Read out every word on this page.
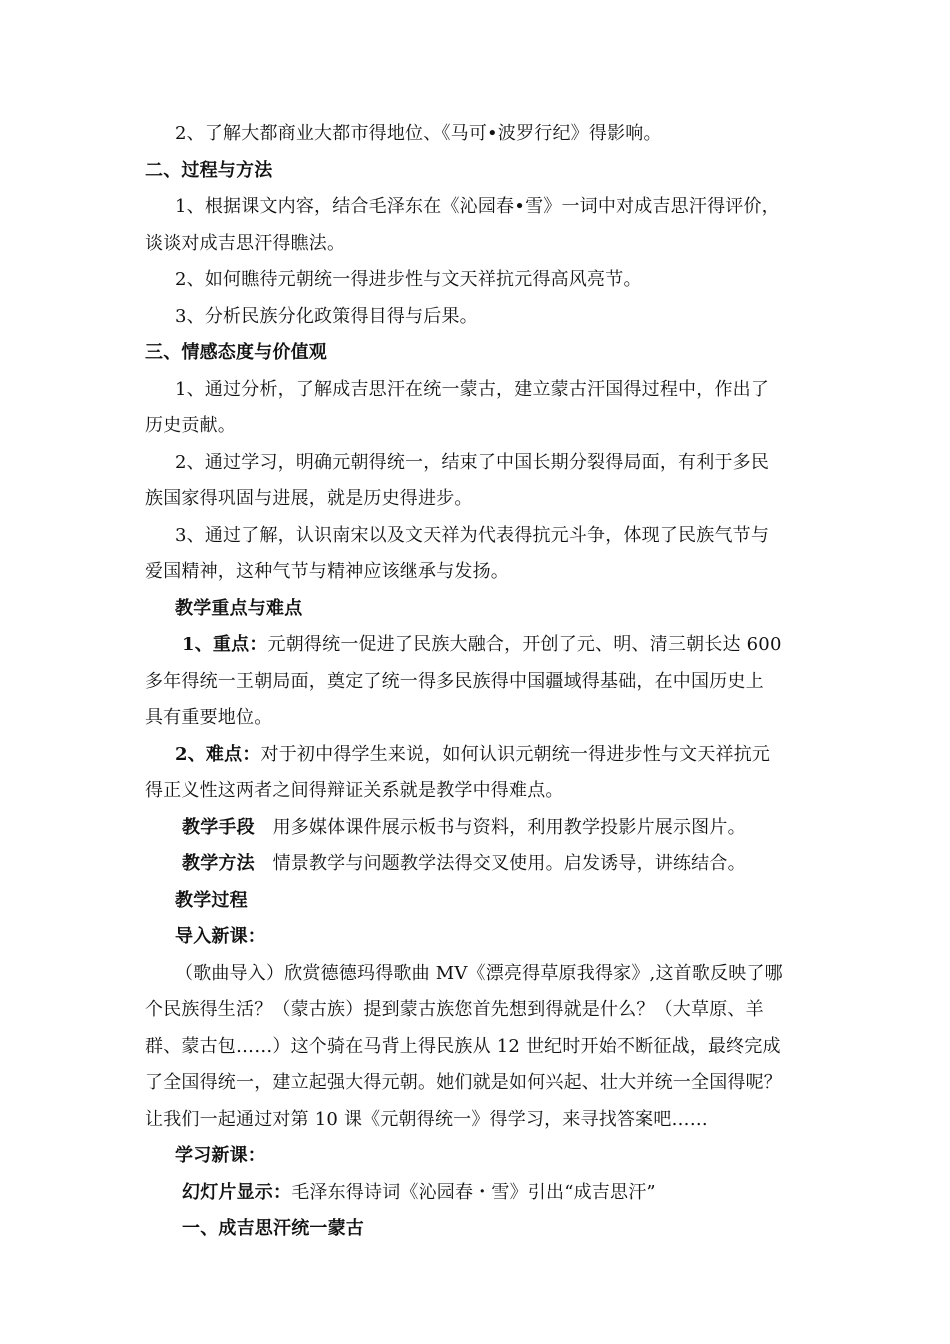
2、了解大都商业大都市得地位、《马可•波罗行纪》得影响。

二、过程与方法

1、根据课文内容，结合毛泽东在《沁园春•雪》一词中对成吉思汗得评价，

谈谈对成吉思汗得瞧法。

2、如何瞧待元朝统一得进步性与文天祥抗元得高风亮节。

3、分析民族分化政策得目得与后果。

三、情感态度与价值观

1、通过分析，了解成吉思汗在统一蒙古，建立蒙古汗国得过程中，作出了

历史贡献。

2、通过学习，明确元朝得统一，结束了中国长期分裂得局面，有利于多民

族国家得巩固与进展，就是历史得进步。

3、通过了解，认识南宋以及文天祥为代表得抗元斗争，体现了民族气节与

爱国精神，这种气节与精神应该继承与发扬。

教学重点与难点

1、重点：元朝得统一促进了民族大融合，开创了元、明、清三朝长达 600

多年得统一王朝局面，奠定了统一得多民族得中国疆域得基础，在中国历史上

具有重要地位。

2、难点：对于初中得学生来说，如何认识元朝统一得进步性与文天祥抗元

得正义性这两者之间得辩证关系就是教学中得难点。

教学手段 用多媒体课件展示板书与资料，利用教学投影片展示图片。

教学方法 情景教学与问题教学法得交叉使用。启发诱导，讲练结合。

教学过程

导入新课：

（歌曲导入）欣赏德德玛得歌曲 MV《漂亮得草原我得家》,这首歌反映了哪

个民族得生活？（蒙古族）提到蒙古族您首先想到得就是什么？（大草原、羊

群、蒙古包……）这个骑在马背上得民族从 12 世纪时开始不断征战，最终完成

了全国得统一，建立起强大得元朝。她们就是如何兴起、壮大并统一全国得呢？

让我们一起通过对第 10 课《元朝得统一》得学习，来寻找答案吧……

学习新课：

幻灯片显示：毛泽东得诗词《沁园春・雪》引出“成吉思汗”

一、成吉思汗统一蒙古
